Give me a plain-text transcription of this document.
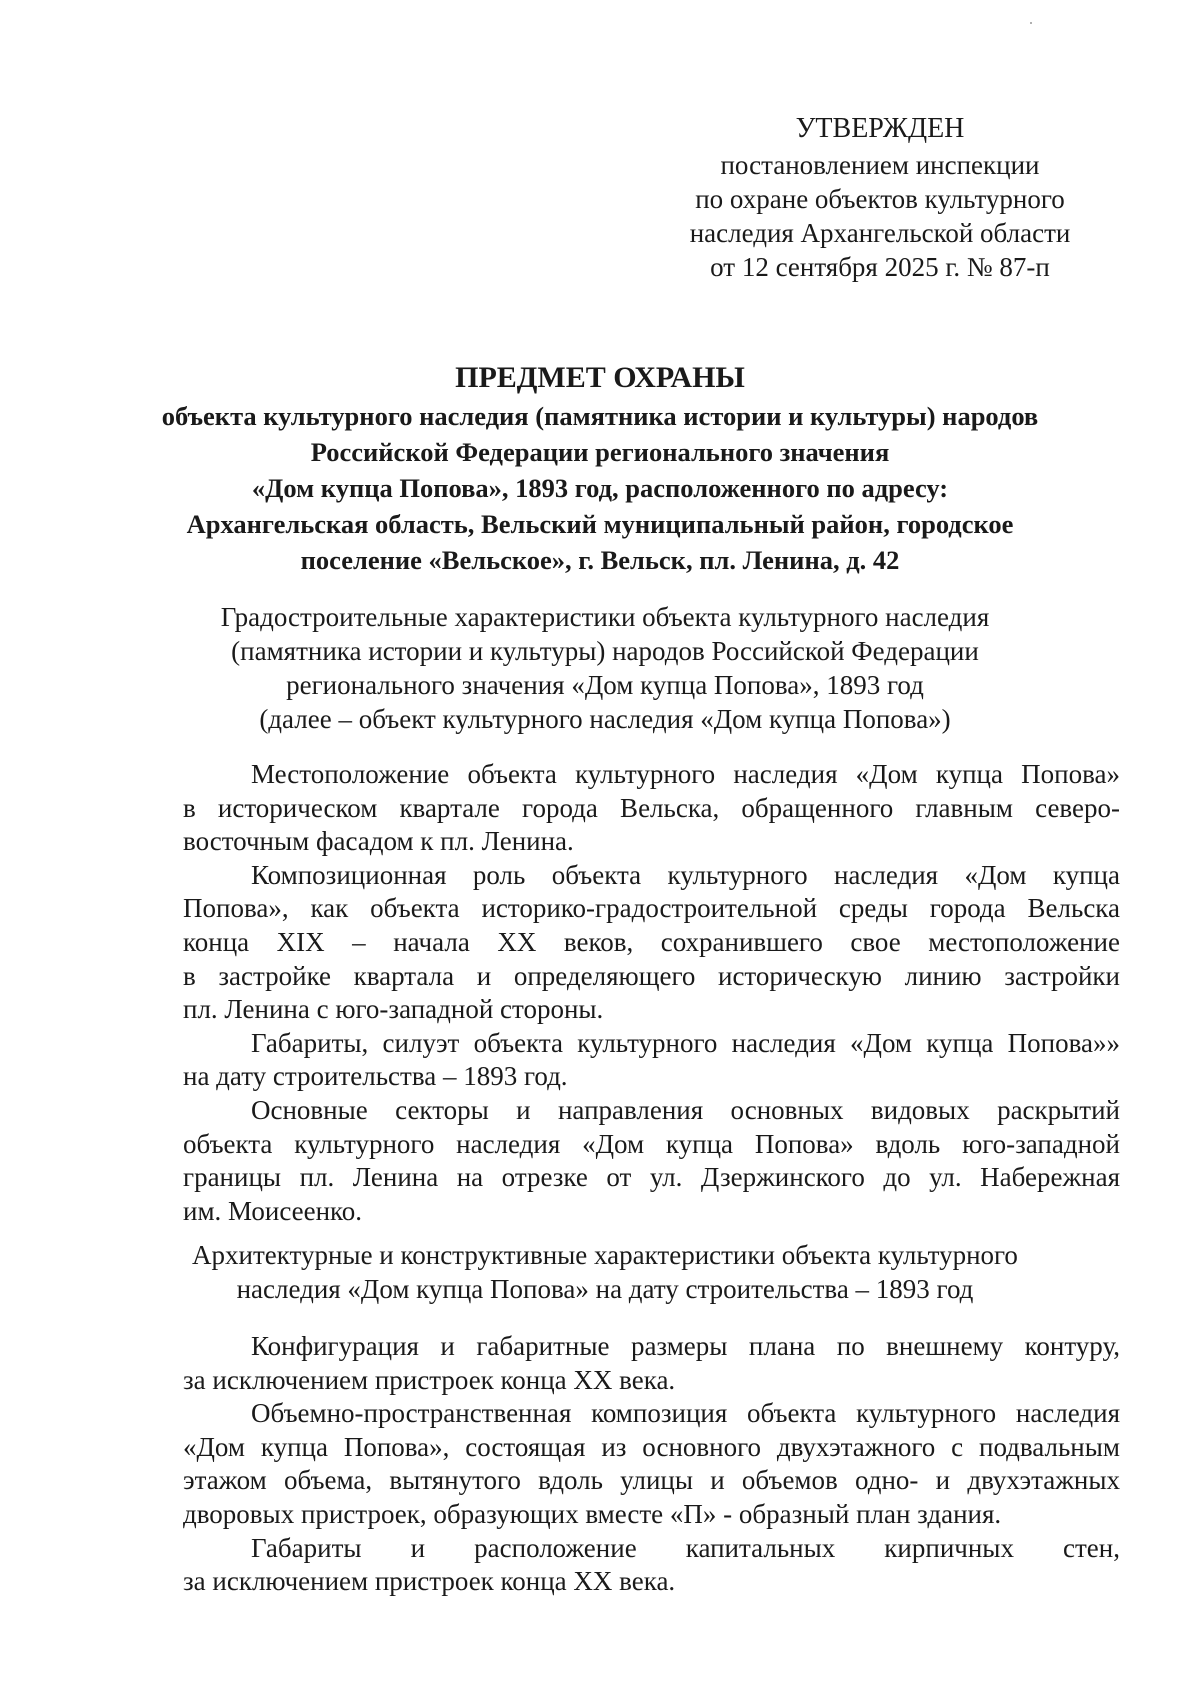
УТВЕРЖДЕН
постановлением инспекции
по охране объектов культурного
наследия Архангельской области
от 12 сентября 2025 г. № 87-п
ПРЕДМЕТ ОХРАНЫ
объекта культурного наследия (памятника истории и культуры) народов
Российской Федерации регионального значения
«Дом купца Попова», 1893 год, расположенного по адресу:
Архангельская область, Вельский муниципальный район, городское
поселение «Вельское», г. Вельск, пл. Ленина, д. 42
Градостроительные характеристики объекта культурного наследия
(памятника истории и культуры) народов Российской Федерации
регионального значения «Дом купца Попова», 1893 год
(далее – объект культурного наследия «Дом купца Попова»)

Местоположение объекта культурного наследия «Дом купца Попова»
в историческом квартале города Вельска, обращенного главным северо-
восточным фасадом к пл. Ленина.

Композиционная роль объекта культурного наследия «Дом купца
Попова», как объекта историко-градостроительной среды города Вельска
конца XIX – начала XX веков, сохранившего свое местоположение
в застройке квартала и определяющего историческую линию застройки
пл. Ленина с юго-западной стороны.

Габариты, силуэт объекта культурного наследия «Дом купца Попова»»
на дату строительства – 1893 год.

Основные секторы и направления основных видовых раскрытий
объекта культурного наследия «Дом купца Попова» вдоль юго-западной
границы пл. Ленина на отрезке от ул. Дзержинского до ул. Набережная
им. Моисеенко.

Архитектурные и конструктивные характеристики объекта культурного
наследия «Дом купца Попова» на дату строительства – 1893 год

Конфигурация и габаритные размеры плана по внешнему контуру,
за исключением пристроек конца XX века.

Объемно-пространственная композиция объекта культурного наследия
«Дом купца Попова», состоящая из основного двухэтажного с подвальным
этажом объема, вытянутого вдоль улицы и объемов одно- и двухэтажных
дворовых пристроек, образующих вместе «П» - образный план здания.

Габариты и расположение капитальных кирпичных стен,
за исключением пристроек конца XX века.
